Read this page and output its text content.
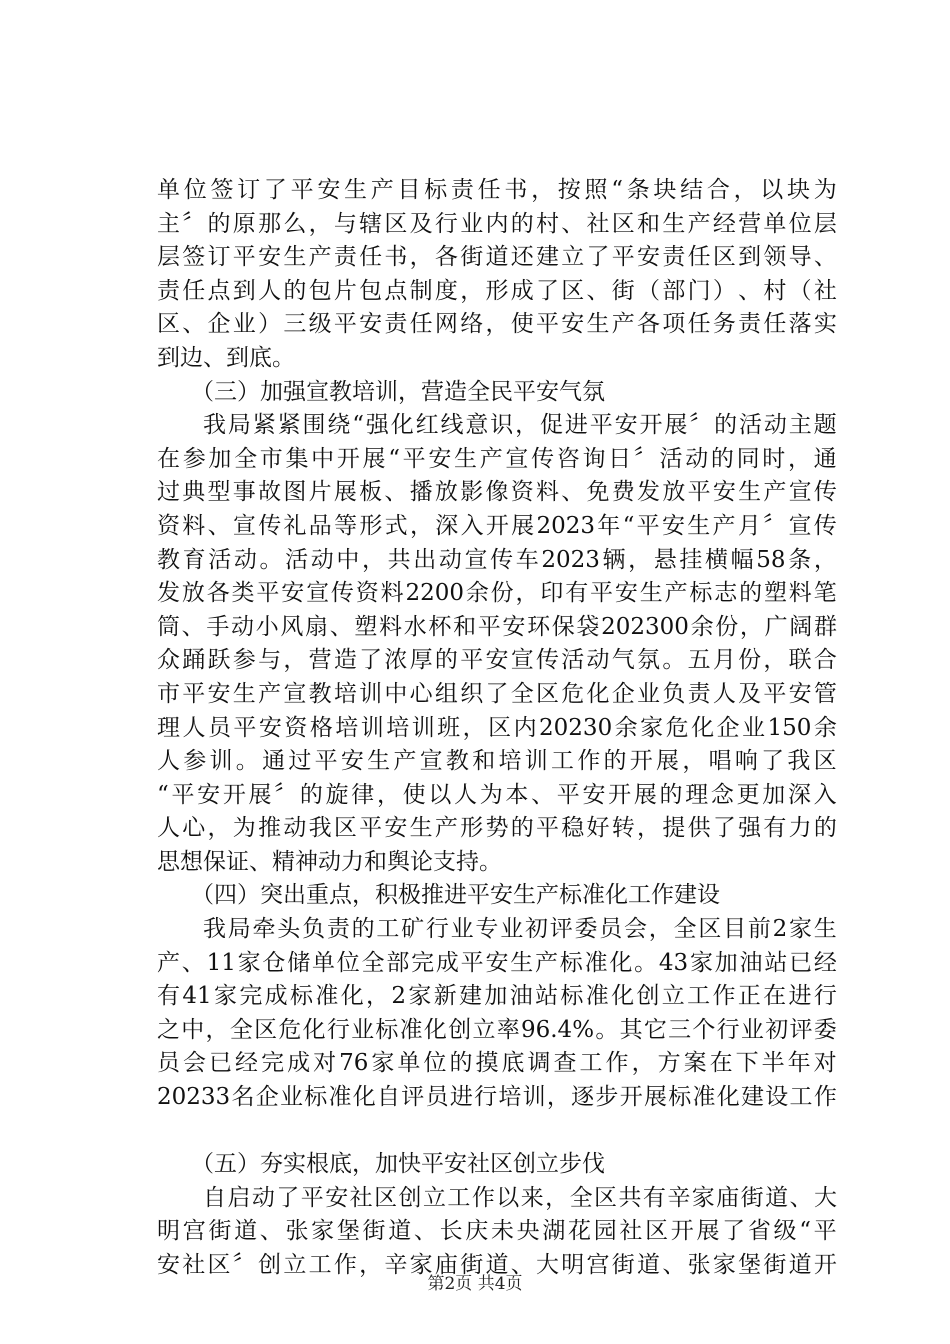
单 位 签 订 了 平 安 生 产 目 标 责 任 书 ， 按 照 “ 条 块 结 合 ， 以 块 为
主 〞 的 原 那 么 ， 与 辖 区 及 行 业 内 的 村 、 社 区 和 生 产 经 营 单 位 层
层 签 订 平 安 生 产 责 任 书 ， 各 街 道 还 建 立 了 平 安 责 任 区 到 领 导 、
责 任 点 到 人 的 包 片 包 点 制 度 ， 形 成 了 区 、 街 （ 部 门 ） 、 村 （ 社
区 、 企 业 ） 三 级 平 安 责 任 网 络 ， 使 平 安 生 产 各 项 任 务 责 任 落 实
到边、到底。
（三）加强宣教培训，营造全民平安气氛
我 局 紧 紧 围 绕 “ 强 化 红 线 意 识 ， 促 进 平 安 开 展 〞 的 活 动 主 题
在 参 加 全 市 集 中 开 展 “ 平 安 生 产 宣 传 咨 询 日 〞 活 动 的 同 时 ， 通
过 典 型 事 故 图 片 展 板 、 播 放 影 像 资 料 、 免 费 发 放 平 安 生 产 宣 传
资 料 、 宣 传 礼 品 等 形 式 ， 深 入 开 展 2023 年 “ 平 安 生 产 月 〞 宣 传
教 育 活 动 。 活 动 中 ， 共 出 动 宣 传 车 2023 辆 ， 悬 挂 横 幅 58 条 ，
发 放 各 类 平 安 宣 传 资 料 2200 余 份 ， 印 有 平 安 生 产 标 志 的 塑 料 笔
筒 、 手 动 小 风 扇 、 塑 料 水 杯 和 平 安 环 保 袋 202300 余 份 ， 广 阔 群
众 踊 跃 参 与 ， 营 造 了 浓 厚 的 平 安 宣 传 活 动 气 氛 。 五 月 份 ， 联 合
市 平 安 生 产 宣 教 培 训 中 心 组 织 了 全 区 危 化 企 业 负 责 人 及 平 安 管
理 人 员 平 安 资 格 培 训 培 训 班 ， 区 内 20230 余 家 危 化 企 业 150 余
人 参 训 。 通 过 平 安 生 产 宣 教 和 培 训 工 作 的 开 展 ， 唱 响 了 我 区
“ 平 安 开 展 〞 的 旋 律 ， 使 以 人 为 本 、 平 安 开 展 的 理 念 更 加 深 入
人 心 ， 为 推 动 我 区 平 安 生 产 形 势 的 平 稳 好 转 ， 提 供 了 强 有 力 的
思想保证、精神动力和舆论支持。
（四）突出重点，积极推进平安生产标准化工作建设
我 局 牵 头 负 责 的 工 矿 行 业 专 业 初 评 委 员 会 ， 全 区 目 前 2 家 生
产 、 11 家 仓 储 单 位 全 部 完 成 平 安 生 产 标 准 化 。 43 家 加 油 站 已 经
有 41 家 完 成 标 准 化 ， 2 家 新 建 加 油 站 标 准 化 创 立 工 作 正 在 进 行
之 中 ， 全 区 危 化 行 业 标 准 化 创 立 率 96.4% 。 其 它 三 个 行 业 初 评 委
员 会 已 经 完 成 对 76 家 单 位 的 摸 底 调 查 工 作 ， 方 案 在 下 半 年 对
20233 名 企 业 标 准 化 自 评 员 进 行 培 训 ， 逐 步 开 展 标 准 化 建 设 工 作
（五）夯实根底，加快平安社区创立步伐
自 启 动 了 平 安 社 区 创 立 工 作 以 来 ， 全 区 共 有 辛 家 庙 街 道 、 大
明 宫 街 道 、 张 家 堡 街 道 、 长 庆 未 央 湖 花 园 社 区 开 展 了 省 级 “ 平
安 社 区 〞 创 立 工 作 ， 辛 家 庙 街 道 、 大 明 宫 街 道 、 张 家 堡 街 道 开
第2页 共4页
